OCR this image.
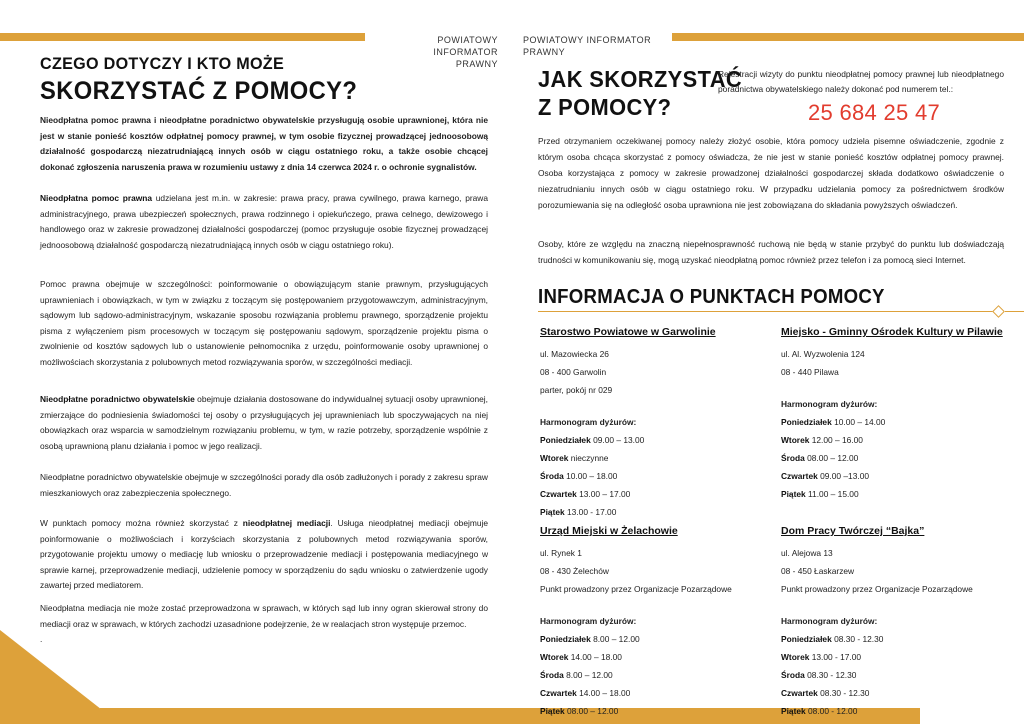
POWIATOWY INFORMATOR
PRAWNY
CZEGO DOTYCZY I KTO MOŻE
SKORZYSTAĆ Z POMOCY?
Nieodpłatna pomoc prawna i nieodpłatne poradnictwo obywatelskie przysługują osobie uprawnionej, która nie jest w stanie ponieść kosztów odpłatnej pomocy prawnej, w tym osobie fizycznej prowadzącej jednoosobową działalność gospodarczą niezatrudniającą innych osób w ciągu ostatniego roku, a także osobie chcącej dokonać zgłoszenia naruszenia prawa w rozumieniu ustawy z dnia 14 czerwca 2024 r. o ochronie sygnalistów.
Nieodpłatna pomoc prawna udzielana jest m.in. w zakresie: prawa pracy, prawa cywilnego, prawa karnego, prawa administracyjnego, prawa ubezpieczeń społecznych, prawa rodzinnego i opiekuńczego, prawa celnego, dewizowego i handlowego oraz w zakresie prowadzonej działalności gospodarczej (pomoc przysługuje osobie fizycznej prowadzącej jednoosobową działalność gospodarczą niezatrudniającą innych osób w ciągu ostatniego roku).
Pomoc prawna obejmuje w szczególności: poinformowanie o obowiązującym stanie prawnym, przysługujących uprawnieniach i obowiązkach, w tym w związku z toczącym się postępowaniem przygotowawczym, administracyjnym, sądowym lub sądowo-administracyjnym, wskazanie sposobu rozwiązania problemu prawnego, sporządzenie projektu pisma z wyłączeniem pism procesowych w toczącym się postępowaniu sądowym, sporządzenie projektu pisma o zwolnienie od kosztów sądowych lub o ustanowienie pełnomocnika z urzędu, poinformowanie osoby uprawnionej o możliwościach skorzystania z polubownych metod rozwiązywania sporów, w szczególności mediacji.
Nieodpłatne poradnictwo obywatelskie obejmuje działania dostosowane do indywidualnej sytuacji osoby uprawnionej, zmierzające do podniesienia świadomości tej osoby o przysługujących jej uprawnieniach lub spoczywających na niej obowiązkach oraz wsparcia w samodzielnym rozwiązaniu problemu, w tym, w razie potrzeby, sporządzenie wspólnie z osobą uprawnioną planu działania i pomoc w jego realizacji.
Nieodpłatne poradnictwo obywatelskie obejmuje w szczególności porady dla osób zadłużonych i porady z zakresu spraw mieszkaniowych oraz zabezpieczenia społecznego.
W punktach pomocy można również skorzystać z nieodpłatnej mediacji. Usługa nieodpłatnej mediacji obejmuje poinformowanie o możliwościach i korzyściach skorzystania z polubownych metod rozwiązywania sporów, przygotowanie projektu umowy o mediację lub wniosku o przeprowadzenie mediacji i postępowania mediacyjnego w sprawie karnej, przeprowadzenie mediacji, udzielenie pomocy w sporządzeniu do sądu wniosku o zatwierdzenie ugody zawartej przed mediatorem.
Nieodpłatna mediacja nie może zostać przeprowadzona w sprawach, w których sąd lub inny ogran skierował strony do mediacji oraz w sprawach, w których zachodzi uzasadnione podejrzenie, że w realacjach stron występuje przemoc.
.
POWIATOWY INFORMATOR
PRAWNY
JAK SKORZYSTAĆ
Z POMOCY?
Rejestracji wizyty do punktu nieodpłatnej pomocy prawnej lub nieodpłatnego poradnictwa obywatelskiego należy dokonać pod numerem tel.:
25 684 25 47
Przed otrzymaniem oczekiwanej pomocy należy złożyć osobie, która pomocy udziela pisemne oświadczenie, zgodnie z którym osoba chcąca skorzystać z pomocy oświadcza, że nie jest w stanie ponieść kosztów odpłatnej pomocy prawnej. Osoba korzystająca z pomocy w zakresie prowadzonej działalności gospodarczej składa dodatkowo oświadczenie o niezatrudnianiu innych osób w ciągu ostatniego roku. W przypadku udzielania pomocy za pośrednictwem środków porozumiewania się na odległość osoba uprawniona nie jest zobowiązana do składania powyższych oświadczeń.
Osoby, które ze względu na znaczną niepełnosprawność ruchową nie będą w stanie przybyć do punktu lub doświadczają trudności w komunikowaniu się, mogą uzyskać nieodpłatną pomoc również przez telefon i za pomocą sieci Internet.
INFORMACJA O PUNKTACH POMOCY
Starostwo Powiatowe w Garwolinie
ul. Mazowiecka 26
08 - 400 Garwolin
parter, pokój nr 029
Harmonogram dyżurów:
Poniedziałek 09.00 – 13.00
Wtorek nieczynne
Środa 10.00 – 18.00
Czwartek 13.00 – 17.00
Piątek 13.00 - 17.00
Miejsko - Gminny Ośrodek Kultury w Pilawie
ul. Al. Wyzwolenia 124
08 - 440 Pilawa
Harmonogram dyżurów:
Poniedziałek 10.00 – 14.00
Wtorek 12.00 – 16.00
Środa 08.00 – 12.00
Czwartek 09.00 –13.00
Piątek 11.00 – 15.00
Urząd Miejski w Żelachowie
ul. Rynek 1
08 - 430 Żelechów
Punkt prowadzony przez Organizacje Pozarządowe
Harmonogram dyżurów:
Poniedziałek 8.00 – 12.00
Wtorek 14.00 – 18.00
Środa 8.00 – 12.00
Czwartek 14.00 – 18.00
Piątek 08.00 – 12.00
Dom Pracy Twórczej “Bajka”
ul. Alejowa 13
08 - 450 Łaskarzew
Punkt prowadzony przez Organizacje Pozarządowe
Harmonogram dyżurów:
Poniedziałek 08.30 - 12.30
Wtorek 13.00 - 17.00
Środa 08.30 - 12.30
Czwartek 08.30 - 12.30
Piątek 08.00 - 12.00
